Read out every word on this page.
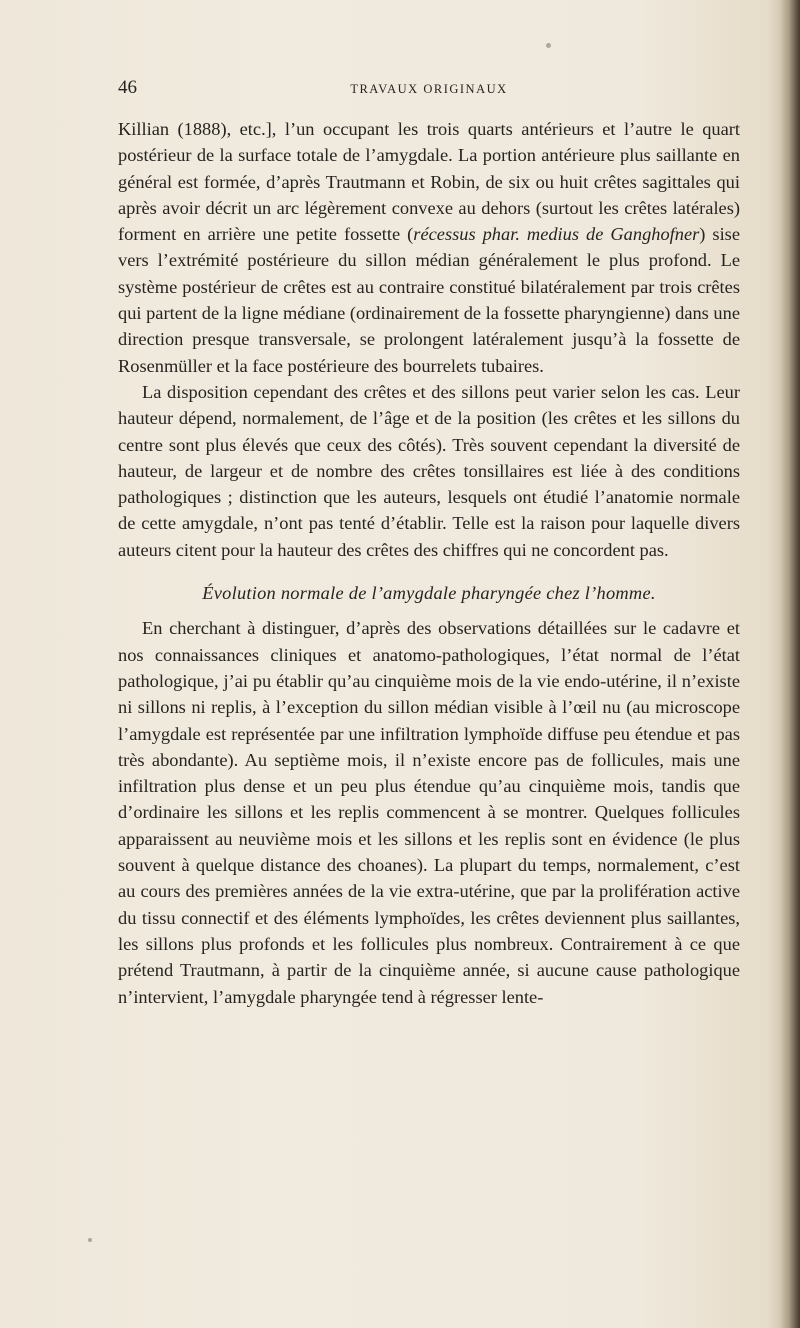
46	TRAVAUX ORIGINAUX

Killian (1888), etc.], l’un occupant les trois quarts antérieurs et l’autre le quart postérieur de la surface totale de l’amygdale. La portion antérieure plus saillante en général est formée, d’après Trautmann et Robin, de six ou huit crêtes sagittales qui après avoir décrit un arc légèrement convexe au dehors (surtout les crêtes latérales) forment en arrière une petite fossette (récessus phar. medius de Ganghofner) sise vers l’extrémité postérieure du sillon médian généralement le plus profond. Le système postérieur de crêtes est au contraire constitué bilatéralement par trois crêtes qui partent de la ligne médiane (ordinairement de la fossette pharyngienne) dans une direction presque transversale, se prolongent latéralement jusqu’à la fossette de Rosenmüller et la face postérieure des bourrelets tubaires.

La disposition cependant des crêtes et des sillons peut varier selon les cas. Leur hauteur dépend, normalement, de l’âge et de la position (les crêtes et les sillons du centre sont plus élevés que ceux des côtés). Très souvent cependant la diversité de hauteur, de largeur et de nombre des crêtes tonsillaires est liée à des conditions pathologiques ; distinction que les auteurs, lesquels ont étudié l’anatomie normale de cette amygdale, n’ont pas tenté d’établir. Telle est la raison pour laquelle divers auteurs citent pour la hauteur des crêtes des chiffres qui ne concordent pas.

Évolution normale de l’amygdale pharyngée chez l’homme.

En cherchant à distinguer, d’après des observations détaillées sur le cadavre et nos connaissances cliniques et anatomo-pathologiques, l’état normal de l’état pathologique, j’ai pu établir qu’au cinquième mois de la vie endo-utérine, il n’existe ni sillons ni replis, à l’exception du sillon médian visible à l’œil nu (au microscope l’amygdale est représentée par une infiltration lymphoïde diffuse peu étendue et pas très abondante). Au septième mois, il n’existe encore pas de follicules, mais une infiltration plus dense et un peu plus étendue qu’au cinquième mois, tandis que d’ordinaire les sillons et les replis commencent à se montrer. Quelques follicules apparaissent au neuvième mois et les sillons et les replis sont en évidence (le plus souvent à quelque distance des choanes). La plupart du temps, normalement, c’est au cours des premières années de la vie extra-utérine, que par la prolifération active du tissu connectif et des éléments lymphoïdes, les crêtes deviennent plus saillantes, les sillons plus profonds et les follicules plus nombreux. Contrairement à ce que prétend Trautmann, à partir de la cinquième année, si aucune cause pathologique n’intervient, l’amygdale pharyngée tend à régresser lente-
